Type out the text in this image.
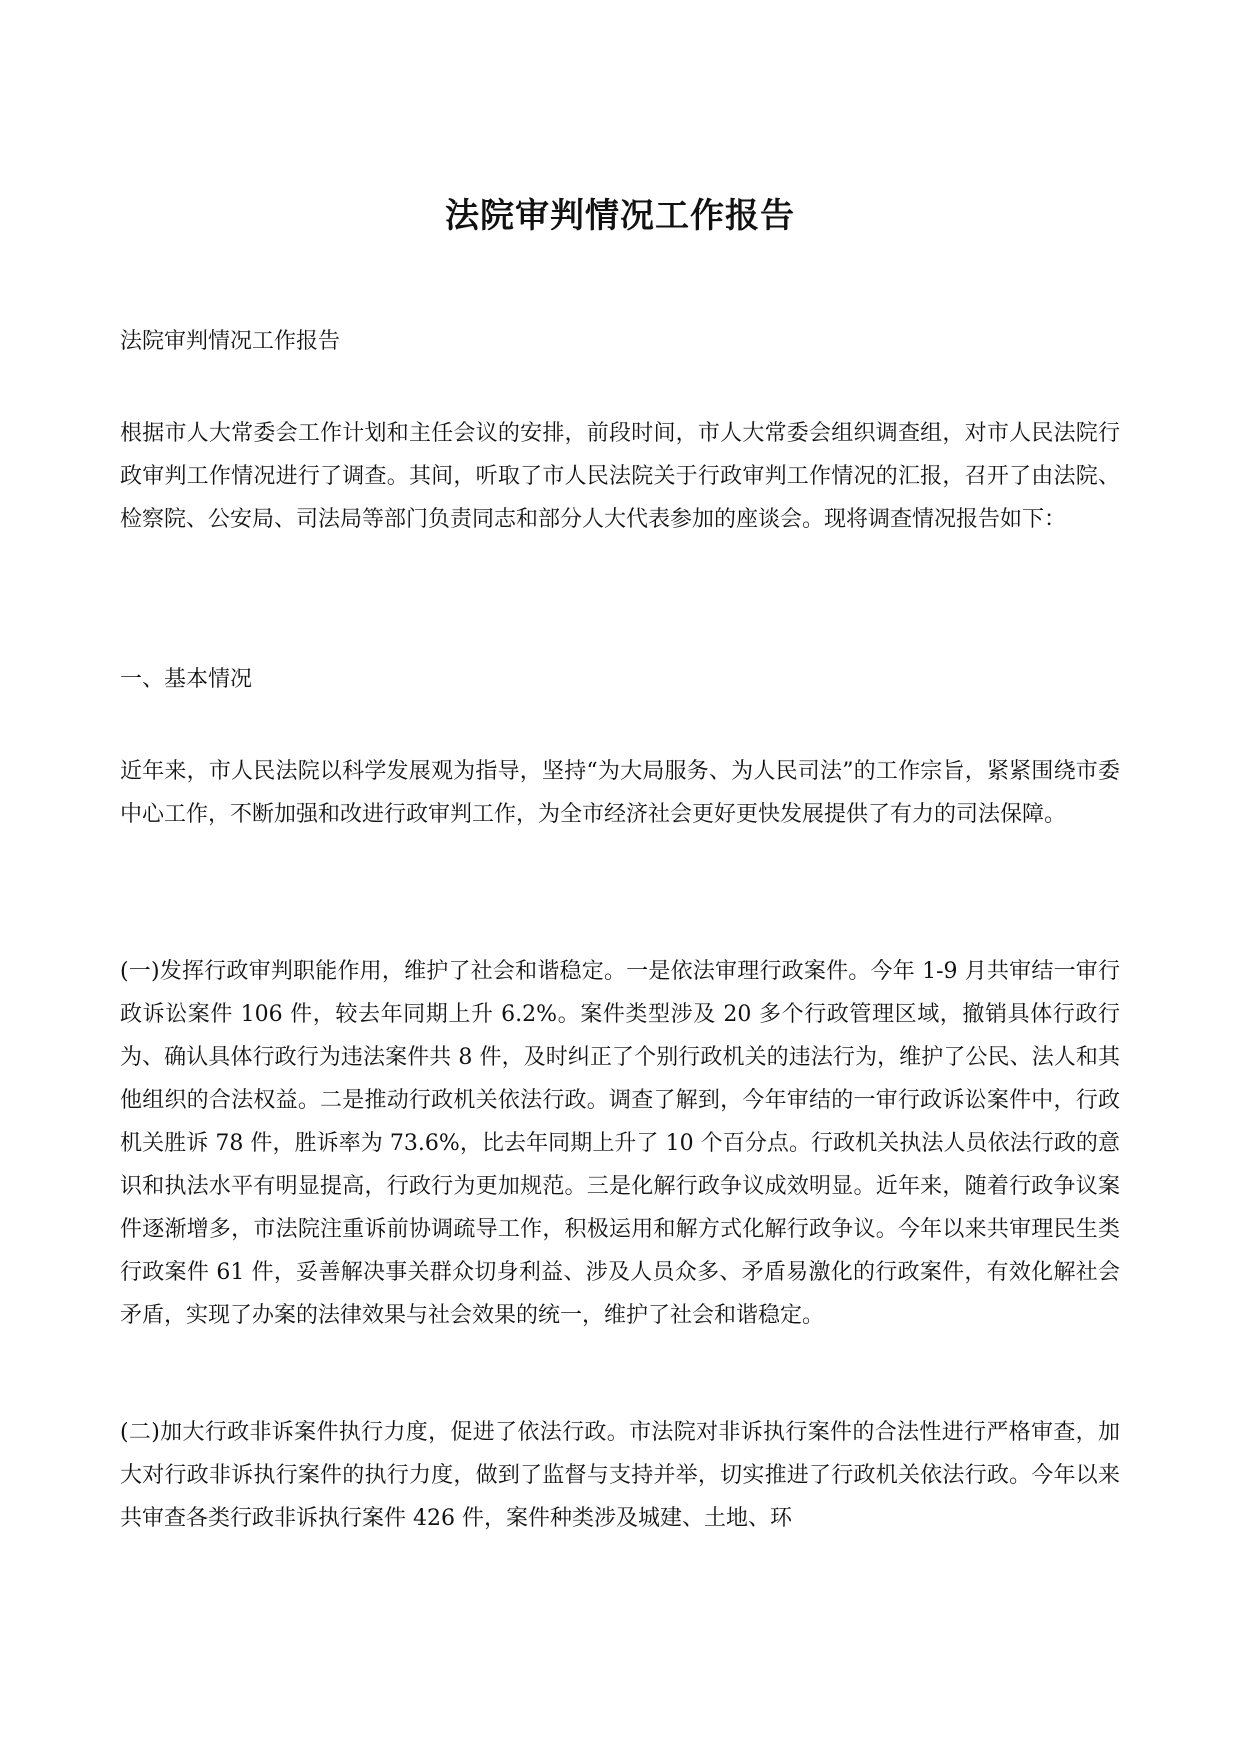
法院审判情况工作报告

法院审判情况工作报告

根据市人大常委会工作计划和主任会议的安排，前段时间，市人大常委会组织调查组，对市人民法院行政审判工作情况进行了调查。其间，听取了市人民法院关于行政审判工作情况的汇报，召开了由法院、检察院、公安局、司法局等部门负责同志和部分人大代表参加的座谈会。现将调查情况报告如下：

一、基本情况

近年来，市人民法院以科学发展观为指导，坚持“为大局服务、为人民司法”的工作宗旨，紧紧围绕市委中心工作，不断加强和改进行政审判工作，为全市经济社会更好更快发展提供了有力的司法保障。

(一)发挥行政审判职能作用，维护了社会和谐稳定。一是依法审理行政案件。今年 1-9 月共审结一审行政诉讼案件 106 件，较去年同期上升 6.2%。案件类型涉及 20 多个行政管理区域，撤销具体行政行为、确认具体行政行为违法案件共 8 件，及时纠正了个别行政机关的违法行为，维护了公民、法人和其他组织的合法权益。二是推动行政机关依法行政。调查了解到，今年审结的一审行政诉讼案件中，行政机关胜诉 78 件，胜诉率为 73.6%，比去年同期上升了 10 个百分点。行政机关执法人员依法行政的意识和执法水平有明显提高，行政行为更加规范。三是化解行政争议成效明显。近年来，随着行政争议案件逐渐增多，市法院注重诉前协调疏导工作，积极运用和解方式化解行政争议。今年以来共审理民生类行政案件 61 件，妥善解决事关群众切身利益、涉及人员众多、矛盾易激化的行政案件，有效化解社会矛盾，实现了办案的法律效果与社会效果的统一，维护了社会和谐稳定。

(二)加大行政非诉案件执行力度，促进了依法行政。市法院对非诉执行案件的合法性进行严格审查，加大对行政非诉执行案件的执行力度，做到了监督与支持并举，切实推进了行政机关依法行政。今年以来共审查各类行政非诉执行案件 426 件，案件种类涉及城建、土地、环
